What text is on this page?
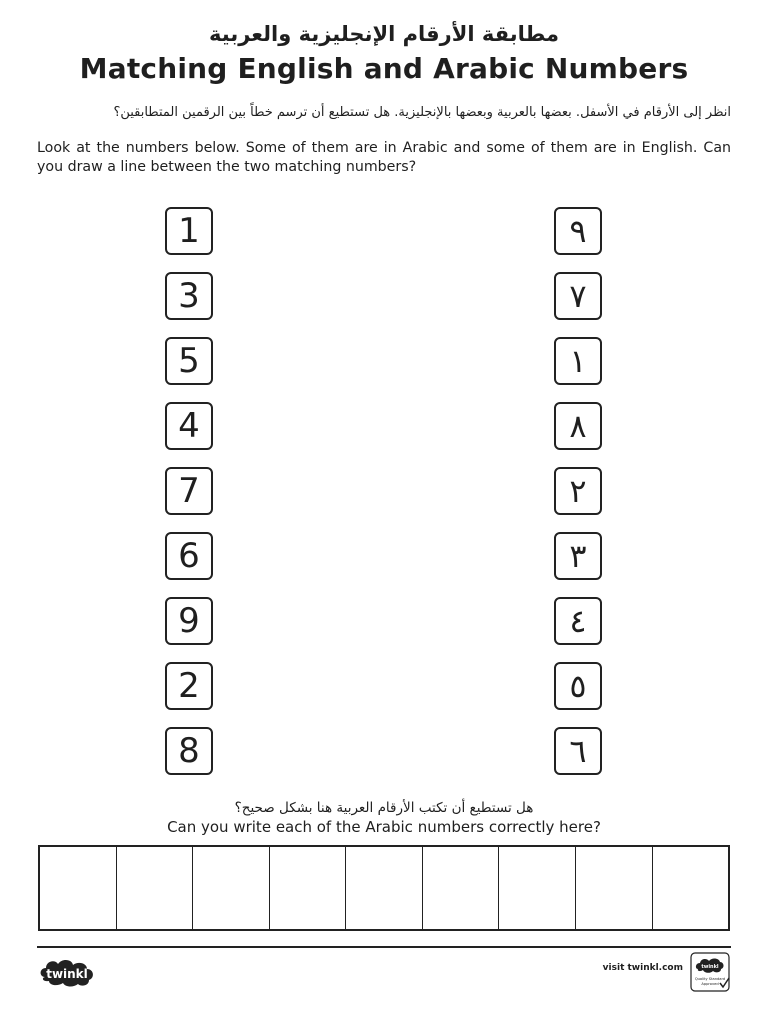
مطابقة الأرقام الإنجليزية والعربية
Matching English and Arabic Numbers

انظر إلى الأرقام في الأسفل. بعضها بالعربية وبعضها بالإنجليزية. هل تستطيع أن ترسم خطاً بين الرقمين المتطابقين؟

Look at the numbers below. Some of them are in Arabic and some of them are in English. Can you draw a line between the two matching numbers?

1
3
5
4
7
6
9
2
8
٩
٧
١
٨
٢
٣
٤
٥
٦

هل تستطيع أن تكتب الأرقام العربية هنا بشكل صحيح؟

Can you write each of the Arabic numbers correctly here?

twinkl	visit twinkl.com	twinkl
Quality Standard
Approved
